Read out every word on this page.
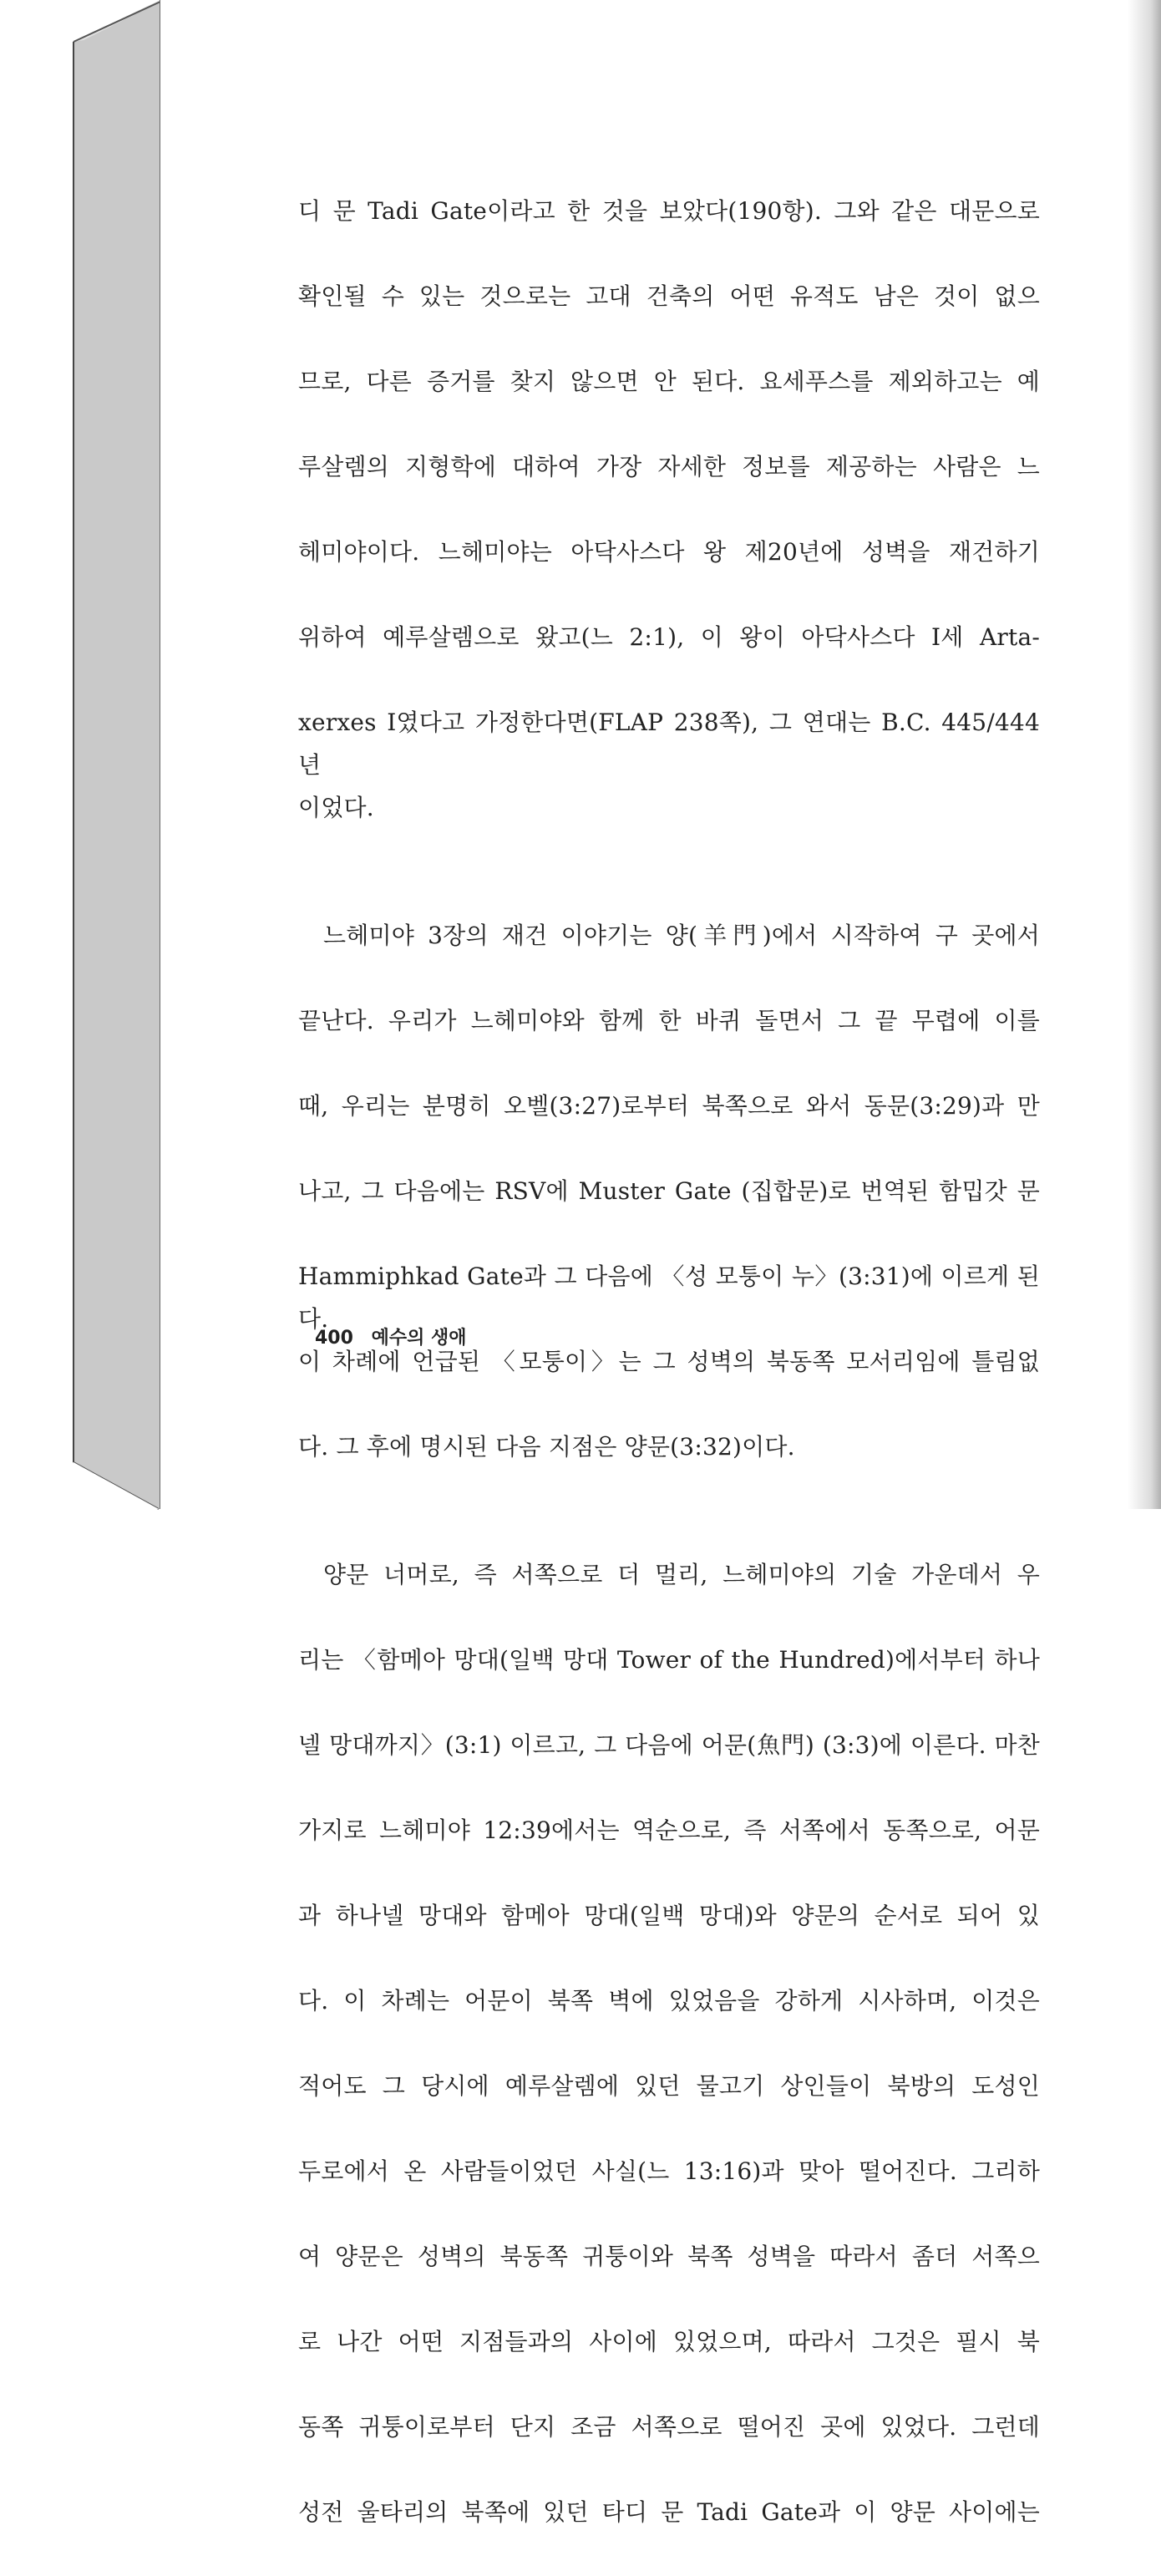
디 문 Tadi Gate이라고 한 것을 보았다(190항). 그와 같은 대문으로

확인될 수 있는 것으로는 고대 건축의 어떤 유적도 남은 것이 없으

므로, 다른 증거를 찾지 않으면 안 된다. 요세푸스를 제외하고는 예

루살렘의 지형학에 대하여 가장 자세한 정보를 제공하는 사람은 느

헤미야이다. 느헤미야는 아닥사스다 왕 제20년에 성벽을 재건하기

위하여 예루살렘으로 왔고(느 2:1), 이 왕이 아닥사스다 I세 Arta-

xerxes I였다고 가정한다면(FLAP 238쪽), 그 연대는 B.C. 445/444년

이었다.

느헤미야 3장의 재건 이야기는 양(羊門)에서 시작하여 구 곳에서

끝난다. 우리가 느헤미야와 함께 한 바퀴 돌면서 그 끝 무렵에 이를

때, 우리는 분명히 오벨(3:27)로부터 북쪽으로 와서 동문(3:29)과 만

나고, 그 다음에는 RSV에 Muster Gate (집합문)로 번역된 함밉갓 문

Hammiphkad Gate과 그 다음에 〈성 모퉁이 누〉(3:31)에 이르게 된다.

이 차례에 언급된 〈모퉁이〉는 그 성벽의 북동쪽 모서리임에 틀림없

다. 그 후에 명시된 다음 지점은 양문(3:32)이다.

양문 너머로, 즉 서쪽으로 더 멀리, 느헤미야의 기술 가운데서 우

리는 〈함메아 망대(일백 망대 Tower of the Hundred)에서부터 하나

넬 망대까지〉(3:1) 이르고, 그 다음에 어문(魚門) (3:3)에 이른다. 마찬

가지로 느헤미야 12:39에서는 역순으로, 즉 서쪽에서 동쪽으로, 어문

과 하나넬 망대와 함메아 망대(일백 망대)와 양문의 순서로 되어 있

다. 이 차례는 어문이 북쪽 벽에 있었음을 강하게 시사하며, 이것은

적어도 그 당시에 예루살렘에 있던 물고기 상인들이 북방의 도성인

두로에서 온 사람들이었던 사실(느 13:16)과 맞아 떨어진다. 그리하

여 양문은 성벽의 북동쪽 귀퉁이와 북쪽 성벽을 따라서 좀더 서쪽으

로 나간 어떤 지점들과의 사이에 있었으며, 따라서 그것은 필시 북

동쪽 귀퉁이로부터 단지 조금 서쪽으로 떨어진 곳에 있었다. 그런데

성전 울타리의 북쪽에 있던 타디 문 Tadi Gate과 이 양문 사이에는

400 예수의 생애
